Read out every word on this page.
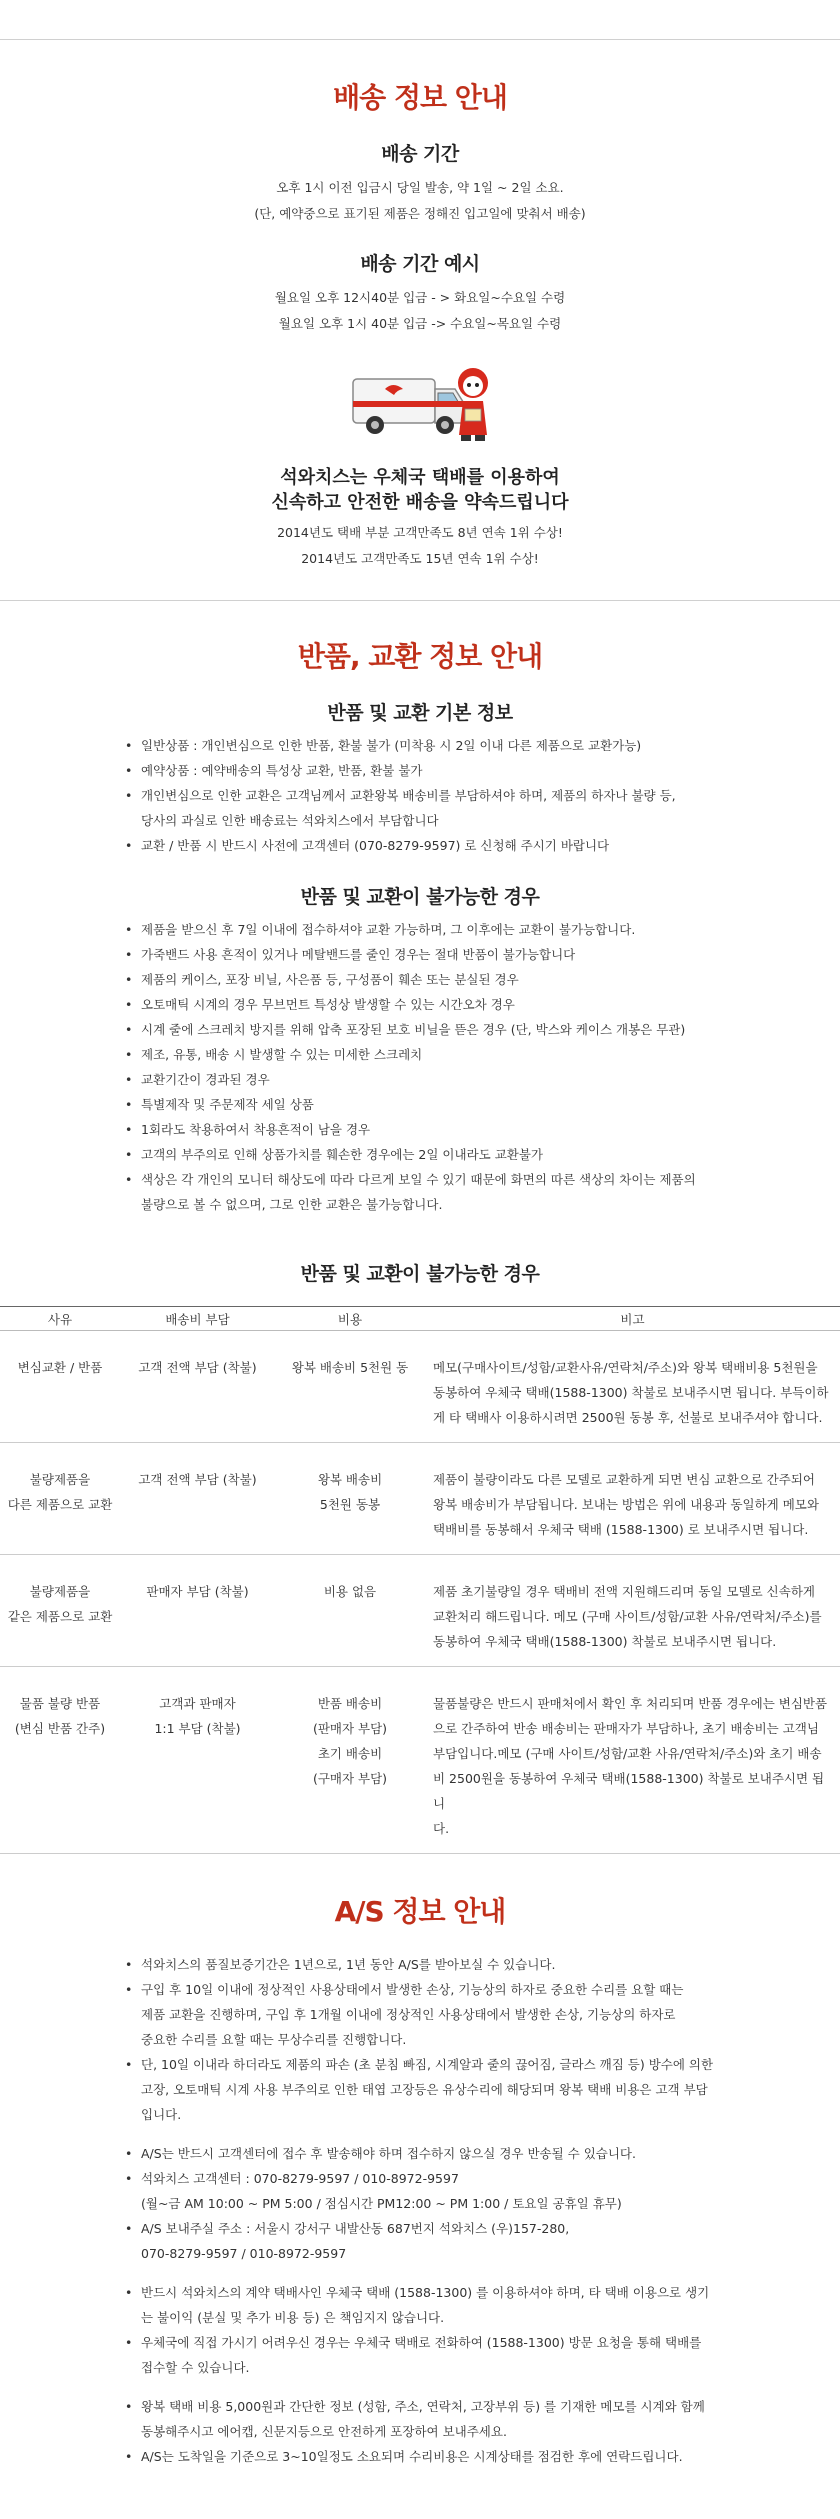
배송 정보 안내
배송 기간

오후 1시 이전 입금시 당일 발송, 약 1일 ~ 2일 소요.

(단, 예약중으로 표기된 제품은 정해진 입고일에 맞춰서 배송)

배송 기간 예시

월요일 오후 12시40분 입금 - > 화요일~수요일 수령

월요일 오후 1시 40분 입금 -> 수요일~목요일 수령

석와치스는 우체국 택배를 이용하여

신속하고 안전한 배송을 약속드립니다

2014년도 택배 부분 고객만족도 8년 연속 1위 수상!

2014년도 고객만족도 15년 연속 1위 수상!

반품, 교환 정보 안내
반품 및 교환 기본 정보
• 일반상품 : 개인변심으로 인한 반품, 환불 불가 (미착용 시 2일 이내 다른 제품으로 교환가능)
• 예약상품 : 예약배송의 특성상 교환, 반품, 환불 불가
• 개인변심으로 인한 교환은 고객님께서 교환왕복 배송비를 부담하셔야 하며, 제품의 하자나 불량 등,
당사의 과실로 인한 배송료는 석와치스에서 부담합니다
• 교환 / 반품 시 반드시 사전에 고객센터 (070-8279-9597) 로 신청해 주시기 바랍니다
반품 및 교환이 불가능한 경우
• 제품을 받으신 후 7일 이내에 접수하셔야 교환 가능하며, 그 이후에는 교환이 불가능합니다.
• 가죽밴드 사용 흔적이 있거나 메탈밴드를 줄인 경우는 절대 반품이 불가능합니다
• 제품의 케이스, 포장 비닐, 사은품 등, 구성품이 훼손 또는 분실된 경우
• 오토매틱 시계의 경우 무브먼트 특성상 발생할 수 있는 시간오차 경우
• 시계 줄에 스크레치 방지를 위해 압축 포장된 보호 비닐을 뜯은 경우 (단, 박스와 케이스 개봉은 무관)
• 제조, 유통, 배송 시 발생할 수 있는 미세한 스크레치
• 교환기간이 경과된 경우
• 특별제작 및 주문제작 세일 상품
• 1회라도 착용하여서 착용흔적이 남을 경우
• 고객의 부주의로 인해 상품가치를 훼손한 경우에는 2일 이내라도 교환불가
• 색상은 각 개인의 모니터 해상도에 따라 다르게 보일 수 있기 때문에 화면의 따른 색상의 차이는 제품의
불량으로 볼 수 없으며, 그로 인한 교환은 불가능합니다.
반품 및 교환이 불가능한 경우
사유	배송비 부담	비용	비고
변심교환 / 반품	고객 전액 부담 (착불)	왕복 배송비 5천원 동	메모(구매사이트/성함/교환사유/연락처/주소)와 왕복 택배비용 5천원을
동봉하여 우체국 택배(1588-1300) 착불로 보내주시면 됩니다. 부득이하
게 타 택배사 이용하시려면 2500원 동봉 후, 선불로 보내주셔야 합니다.
불량제품을
다른 제품으로 교환	고객 전액 부담 (착불)	왕복 배송비
5천원 동봉	제품이 불량이라도 다른 모델로 교환하게 되면 변심 교환으로 간주되어
왕복 배송비가 부담됩니다. 보내는 방법은 위에 내용과 동일하게 메모와
택배비를 동봉해서 우체국 택배 (1588-1300) 로 보내주시면 됩니다.
불량제품을
같은 제품으로 교환	판매자 부담 (착불)	비용 없음	제품 초기불량일 경우 택배비 전액 지원해드리며 동일 모델로 신속하게
교환처리 해드립니다. 메모 (구매 사이트/성함/교환 사유/연락처/주소)를
동봉하여 우체국 택배(1588-1300) 착불로 보내주시면 됩니다.
물품 불량 반품
(변심 반품 간주)	고객과 판매자
1:1 부담 (착불)	반품 배송비
(판매자 부담)
초기 배송비
(구매자 부담)	물품불량은 반드시 판매처에서 확인 후 처리되며 반품 경우에는 변심반품
으로 간주하여 반송 배송비는 판매자가 부담하나, 초기 배송비는 고객님
부담입니다.메모 (구매 사이트/성함/교환 사유/연락처/주소)와 초기 배송
비 2500원을 동봉하여 우체국 택배(1588-1300) 착불로 보내주시면 됩니
다.
A/S 정보 안내
• 석와치스의 품질보증기간은 1년으로, 1년 동안 A/S를 받아보실 수 있습니다.
• 구입 후 10일 이내에 정상적인 사용상태에서 발생한 손상, 기능상의 하자로 중요한 수리를 요할 때는
제품 교환을 진행하며, 구입 후 1개월 이내에 정상적인 사용상태에서 발생한 손상, 기능상의 하자로
중요한 수리를 요할 때는 무상수리를 진행합니다.
• 단, 10일 이내라 하더라도 제품의 파손 (초 분침 빠짐, 시계알과 줄의 끊어짐, 글라스 깨짐 등) 방수에 의한
고장, 오토매틱 시계 사용 부주의로 인한 태엽 고장등은 유상수리에 해당되며 왕복 택배 비용은 고객 부담
입니다.
• A/S는 반드시 고객센터에 접수 후 발송해야 하며 접수하지 않으실 경우 반송될 수 있습니다.
• 석와치스 고객센터 : 070-8279-9597 / 010-8972-9597
(월~금 AM 10:00 ~ PM 5:00 / 점심시간 PM12:00 ~ PM 1:00 / 토요일 공휴일 휴무)
• A/S 보내주실 주소 : 서울시 강서구 내발산동 687번지 석와치스 (우)157-280,
070-8279-9597 / 010-8972-9597
• 반드시 석와치스의 계약 택배사인 우체국 택배 (1588-1300) 를 이용하셔야 하며, 타 택배 이용으로 생기
는 불이익 (분실 및 추가 비용 등) 은 책임지지 않습니다.
• 우체국에 직접 가시기 어려우신 경우는 우체국 택배로 전화하여 (1588-1300) 방문 요청을 통해 택배를
접수할 수 있습니다.
• 왕복 택배 비용 5,000원과 간단한 정보 (성함, 주소, 연락처, 고장부위 등) 를 기재한 메모를 시계와 함께
동봉해주시고 에어캡, 신문지등으로 안전하게 포장하여 보내주세요.
• A/S는 도착일을 기준으로 3~10일정도 소요되며 수리비용은 시계상태를 점검한 후에 연락드립니다.
